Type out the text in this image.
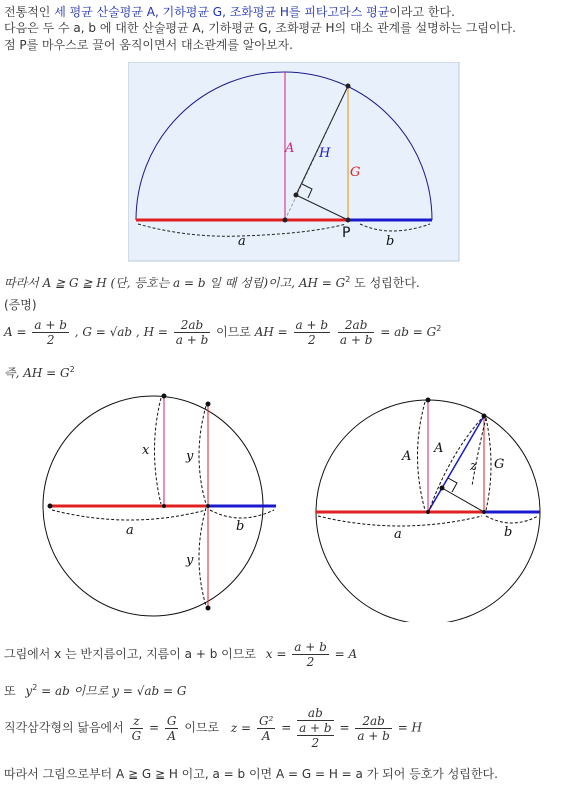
전통적인 세 평균 산술평균 A, 기하평균 G, 조화평균 H를 피타고라스 평균이라고 한다.
다음은 두 수 a, b 에 대한 산술평균 A, 기하평균 G, 조화평균 H의 대소 관계를 설명하는 그림이다.
점 P를 마우스로 끌어 움직이면서 대소관계를 알아보자.
A H
G
P
a	b
따라서 A ≧ G ≧ H (단, 등호는 a = b 일 때 성립)이고, AH = $G^2$ 도 성립한다.
(증명)
$A = \frac{a + b}{2}$ , G = √ab , $H = \frac{2ab}{a + b}$ 이므로 AH = $\frac{a + b}{2}$
$\frac{2ab}{a + b}$ = ab = $G^2$
즉, AH = $G^2$
x	y
y
a	b
A
A
z G
a	b
그림에서 x 는 반지름이고, 지름이 a + b 이므로 $x = \frac{a + b}{2} = A$
또 $y^2$ = ab 이므로 y = √ab = G
직각삼각형의 닮음에서 $\frac{z}{G} = \frac{G}{A}$ 이므로 $z = \frac{\text{G²}}{A} = \frac{ab}{\frac{a + b}{2}} = \frac{2ab}{a + b} = H$
따라서 그림으로부터 A ≧ G ≧ H 이고, a = b 이면 A = G = H = a 가 되어 등호가 성립한다.
